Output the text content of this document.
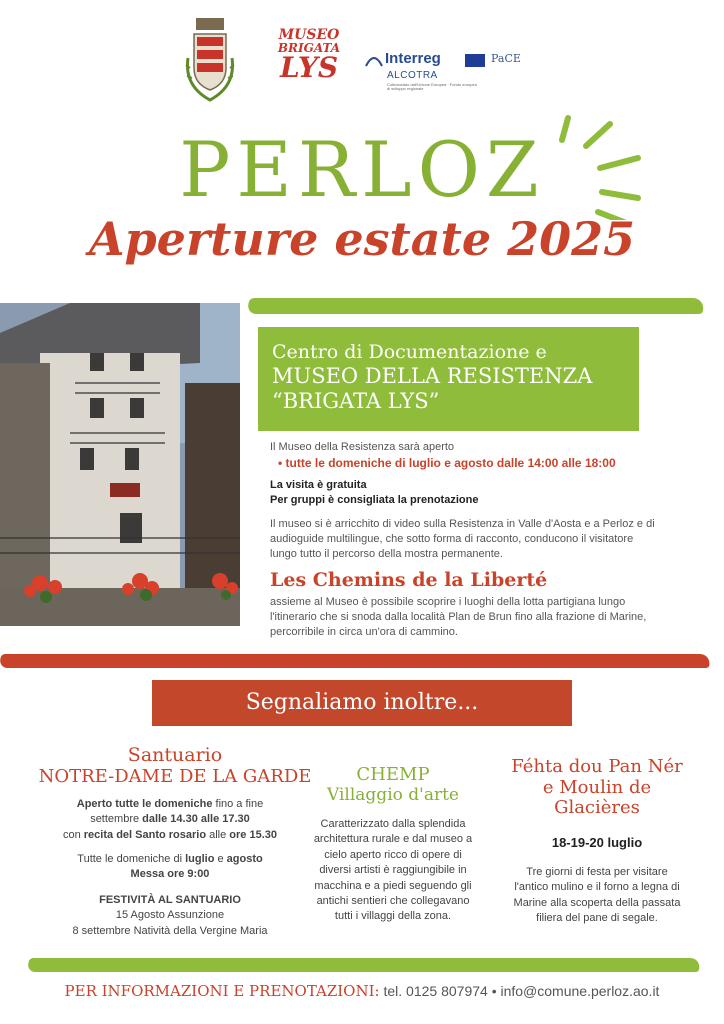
MUSEO
BRIGATA
LYS	Interreg
ALCOTRA
Cofinanziato dall'Unione Europea · Fondo europeo di sviluppo regionale
PaCE
PERLOZ
Aperture estate 2025
Centro di Documentazione e
MUSEO DELLA RESISTENZA
“BRIGATA LYS”
Il Museo della Resistenza sarà aperto
• tutte le domeniche di luglio e agosto dalle 14:00 alle 18:00
La visita è gratuita
Per gruppi è consigliata la prenotazione
Il museo si è arricchito di video sulla Resistenza in Valle d'Aosta e a Perloz e di
audioguide multilingue, che sotto forma di racconto, conducono il visitatore
lungo tutto il percorso della mostra permanente.
Les Chemins de la Liberté
assieme al Museo è possibile scoprire i luoghi della lotta partigiana lungo
l'itinerario che si snoda dalla località Plan de Brun fino alla frazione di Marine,
percorribile in circa un'ora di cammino.
Segnaliamo inoltre...
Santuario
NOTRE-DAME DE LA GARDE
Aperto tutte le domeniche fino a fine
settembre dalle 14.30 alle 17.30
con recita del Santo rosario alle ore 15.30
Tutte le domeniche di luglio e agosto
Messa ore 9:00
FESTIVITÀ AL SANTUARIO
15 Agosto Assunzione
8 settembre Natività della Vergine Maria
CHEMP
Villaggio d'arte
Caratterizzato dalla splendida
architettura rurale e dal museo a
cielo aperto ricco di opere di
diversi artisti è raggiungibile in
macchina e a piedi seguendo gli
antichi sentieri che collegavano
tutti i villaggi della zona.
Féhta dou Pan Nér
e Moulin de
Glacières
18-19-20 luglio
Tre giorni di festa per visitare
l'antico mulino e il forno a legna di
Marine alla scoperta della passata
filiera del pane di segale.
PER INFORMAZIONI E PRENOTAZIONI: tel. 0125 807974 • info@comune.perloz.ao.it
